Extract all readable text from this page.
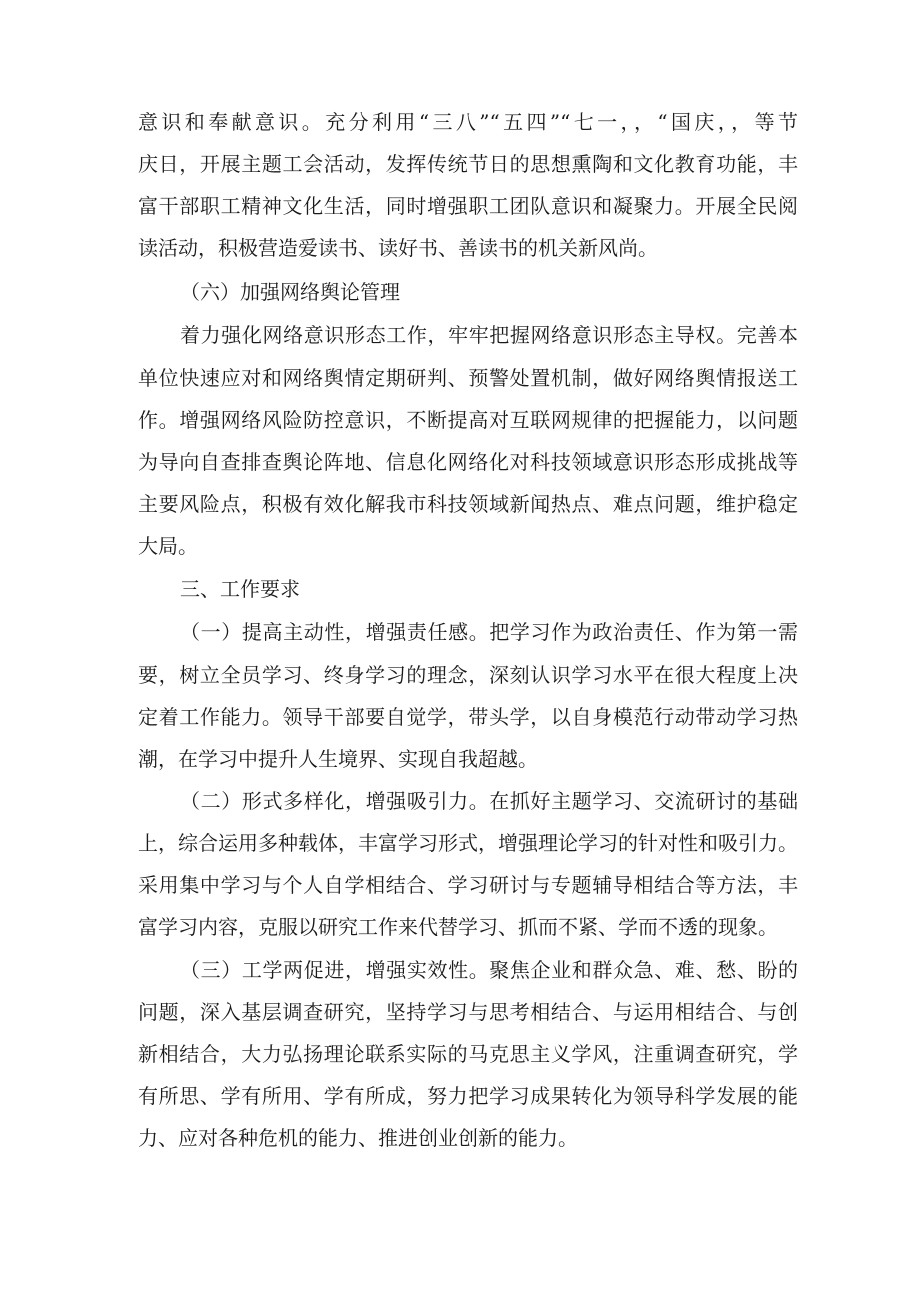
意识和奉献意识。充分利用“三八”“五四”“七一，，“国庆，，等节
庆日，开展主题工会活动，发挥传统节日的思想熏陶和文化教育功能，丰
富干部职工精神文化生活，同时增强职工团队意识和凝聚力。开展全民阅
读活动，积极营造爱读书、读好书、善读书的机关新风尚。
（六）加强网络舆论管理
着力强化网络意识形态工作，牢牢把握网络意识形态主导权。完善本
单位快速应对和网络舆情定期研判、预警处置机制，做好网络舆情报送工
作。增强网络风险防控意识，不断提高对互联网规律的把握能力，以问题
为导向自查排查舆论阵地、信息化网络化对科技领域意识形态形成挑战等
主要风险点，积极有效化解我市科技领域新闻热点、难点问题，维护稳定
大局。
三、工作要求
（一）提高主动性，增强责任感。把学习作为政治责任、作为第一需
要，树立全员学习、终身学习的理念，深刻认识学习水平在很大程度上决
定着工作能力。领导干部要自觉学，带头学，以自身模范行动带动学习热
潮，在学习中提升人生境界、实现自我超越。
（二）形式多样化，增强吸引力。在抓好主题学习、交流研讨的基础
上，综合运用多种载体，丰富学习形式，增强理论学习的针对性和吸引力。
采用集中学习与个人自学相结合、学习研讨与专题辅导相结合等方法，丰
富学习内容，克服以研究工作来代替学习、抓而不紧、学而不透的现象。
（三）工学两促进，增强实效性。聚焦企业和群众急、难、愁、盼的
问题，深入基层调查研究，坚持学习与思考相结合、与运用相结合、与创
新相结合，大力弘扬理论联系实际的马克思主义学风，注重调查研究，学
有所思、学有所用、学有所成，努力把学习成果转化为领导科学发展的能
力、应对各种危机的能力、推进创业创新的能力。
